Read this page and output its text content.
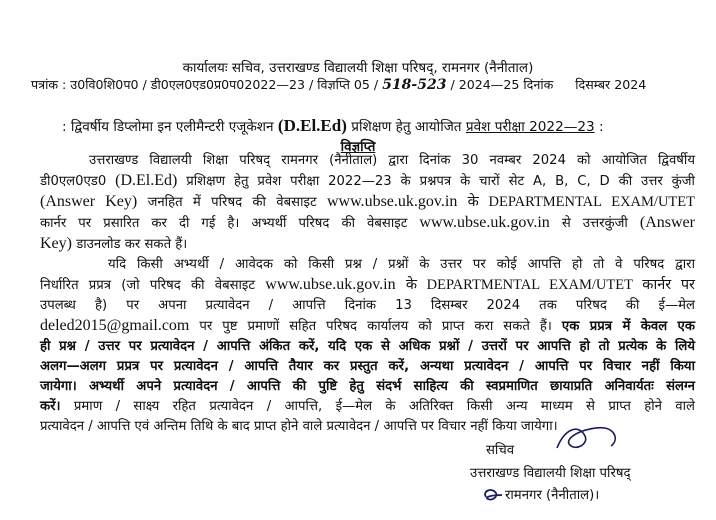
कार्यालयः सचिव, उत्तराखण्ड विद्यालयी शिक्षा परिषद्, रामनगर (नैनीताल)
पत्रांक : उ0वि0शि0प0 / डी0एल0एड0प्र0प02022—23 / विज्ञप्ति 05 / 518-523 / 2024—25 दिनांक दिसम्बर 2024
: द्विवर्षीय डिप्लोमा इन एलीमैन्टरी एजूकेशन (D.El.Ed) प्रशिक्षण हेतु आयोजित प्रवेश परीक्षा 2022—23 :
विज्ञप्ति
उत्तराखण्ड विद्यालयी शिक्षा परिषद् रामनगर (नैनीताल) द्वारा दिनांक 30 नवम्बर 2024 को आयोजित द्विवर्षीय
डी0एल0एड0 (D.El.Ed) प्रशिक्षण हेतु प्रवेश परीक्षा 2022—23 के प्रश्नपत्र के चारों सेट A, B, C, D की उत्तर कुंजी
(Answer Key) जनहित में परिषद की वेबसाइट www.ubse.uk.gov.in के DEPARTMENTAL EXAM/UTET
कार्नर पर प्रसारित कर दी गई है। अभ्यर्थी परिषद की वेबसाइट www.ubse.uk.gov.in से उत्तरकुंजी (Answer
Key) डाउनलोड कर सकते हैं।
यदि किसी अभ्यर्थी / आवेदक को किसी प्रश्न / प्रश्नों के उत्तर पर कोई आपत्ति हो तो वे परिषद द्वारा
निर्धारित प्रप्रत्र (जो परिषद की वेबसाइट www.ubse.uk.gov.in के DEPARTMENTAL EXAM/UTET कार्नर पर
उपलब्ध है) पर अपना प्रत्यावेदन / आपत्ति दिनांक 13 दिसम्बर 2024 तक परिषद की ई—मेल
deled2015@gmail.com पर पुष्ट प्रमाणों सहित परिषद कार्यालय को प्राप्त करा सकते हैं। एक प्रप्रत्र में केवल एक
ही प्रश्न / उत्तर पर प्रत्यावेदन / आपत्ति अंकित करें, यदि एक से अधिक प्रश्नों / उत्तरों पर आपत्ति हो तो प्रत्येक के लिये
अलग—अलग प्रप्रत्र पर प्रत्यावेदन / आपत्ति तैयार कर प्रस्तुत करें, अन्यथा प्रत्यावेदन / आपत्ति पर विचार नहीं किया
जायेगा। अभ्यर्थी अपने प्रत्यावेदन / आपत्ति की पुष्टि हेतु संदर्भ साहित्य की स्वप्रमाणित छायाप्रति अनिवार्यतः संलग्न
करें। प्रमाण / साक्ष्य रहित प्रत्यावेदन / आपत्ति, ई—मेल के अतिरिक्त किसी अन्य माध्यम से प्राप्त होने वाले
प्रत्यावेदन / आपत्ति एवं अन्तिम तिथि के बाद प्राप्त होने वाले प्रत्यावेदन / आपत्ति पर विचार नहीं किया जायेगा।
सचिव
उत्तराखण्ड विद्यालयी शिक्षा परिषद्
रामनगर (नैनीताल)।
